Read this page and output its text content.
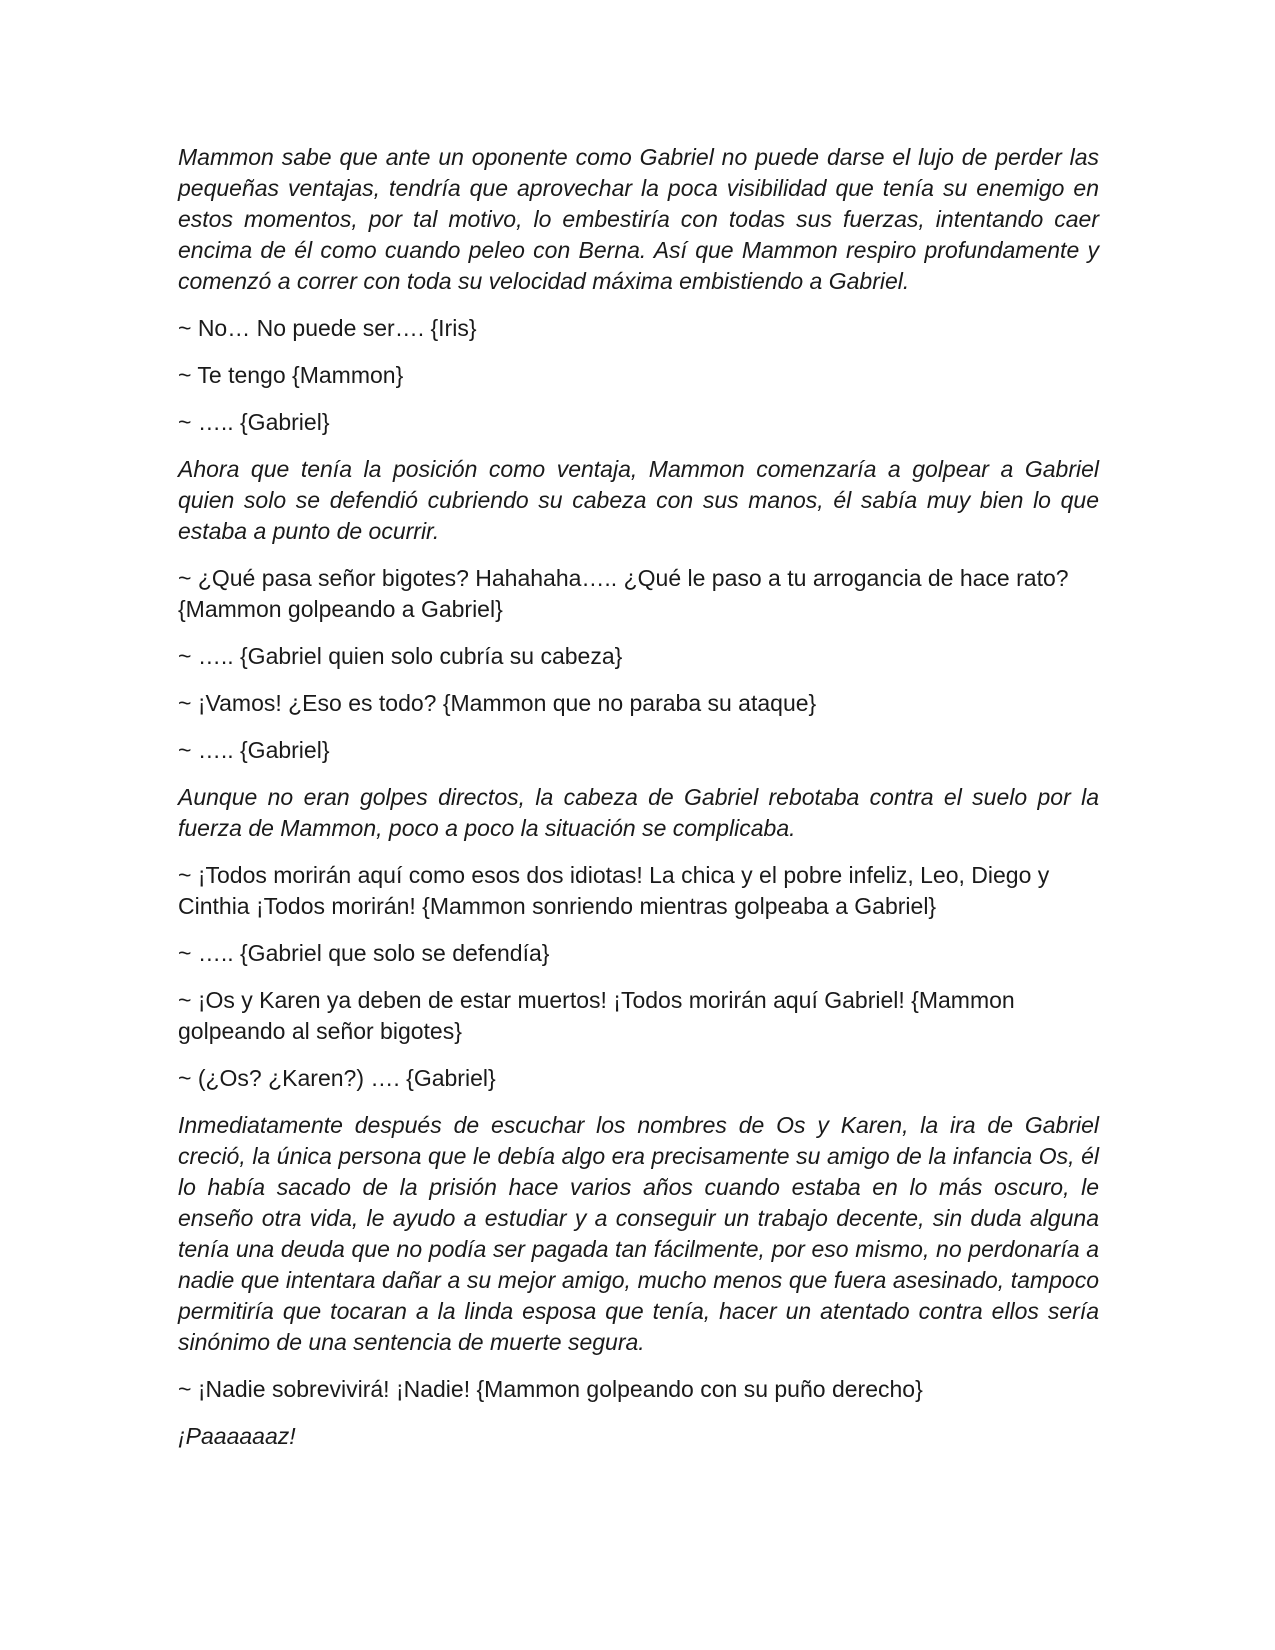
Mammon sabe que ante un oponente como Gabriel no puede darse el lujo de perder las pequeñas ventajas, tendría que aprovechar la poca visibilidad que tenía su enemigo en estos momentos, por tal motivo, lo embestiría con todas sus fuerzas, intentando caer encima de él como cuando peleo con Berna. Así que Mammon respiro profundamente y comenzó a correr con toda su velocidad máxima embistiendo a Gabriel.

~ No… No puede ser…. {Iris}

~ Te tengo {Mammon}

~ ….. {Gabriel}

Ahora que tenía la posición como ventaja, Mammon comenzaría a golpear a Gabriel quien solo se defendió cubriendo su cabeza con sus manos, él sabía muy bien lo que estaba a punto de ocurrir.

~ ¿Qué pasa señor bigotes? Hahahaha….. ¿Qué le paso a tu arrogancia de hace rato? {Mammon golpeando a Gabriel}

~ ….. {Gabriel quien solo cubría su cabeza}

~ ¡Vamos! ¿Eso es todo? {Mammon que no paraba su ataque}

~ ….. {Gabriel}

Aunque no eran golpes directos, la cabeza de Gabriel rebotaba contra el suelo por la fuerza de Mammon, poco a poco la situación se complicaba.

~ ¡Todos morirán aquí como esos dos idiotas! La chica y el pobre infeliz, Leo, Diego y Cinthia ¡Todos morirán! {Mammon sonriendo mientras golpeaba a Gabriel}

~ ….. {Gabriel que solo se defendía}

~ ¡Os y Karen ya deben de estar muertos! ¡Todos morirán aquí Gabriel! {Mammon golpeando al señor bigotes}

~ (¿Os? ¿Karen?) …. {Gabriel}

Inmediatamente después de escuchar los nombres de Os y Karen, la ira de Gabriel creció, la única persona que le debía algo era precisamente su amigo de la infancia Os, él lo había sacado de la prisión hace varios años cuando estaba en lo más oscuro, le enseño otra vida, le ayudo a estudiar y a conseguir un trabajo decente, sin duda alguna tenía una deuda que no podía ser pagada tan fácilmente, por eso mismo, no perdonaría a nadie que intentara dañar a su mejor amigo, mucho menos que fuera asesinado, tampoco permitiría que tocaran a la linda esposa que tenía, hacer un atentado contra ellos sería sinónimo de una sentencia de muerte segura.

~ ¡Nadie sobrevivirá! ¡Nadie! {Mammon golpeando con su puño derecho}

¡Paaaaaaz!
